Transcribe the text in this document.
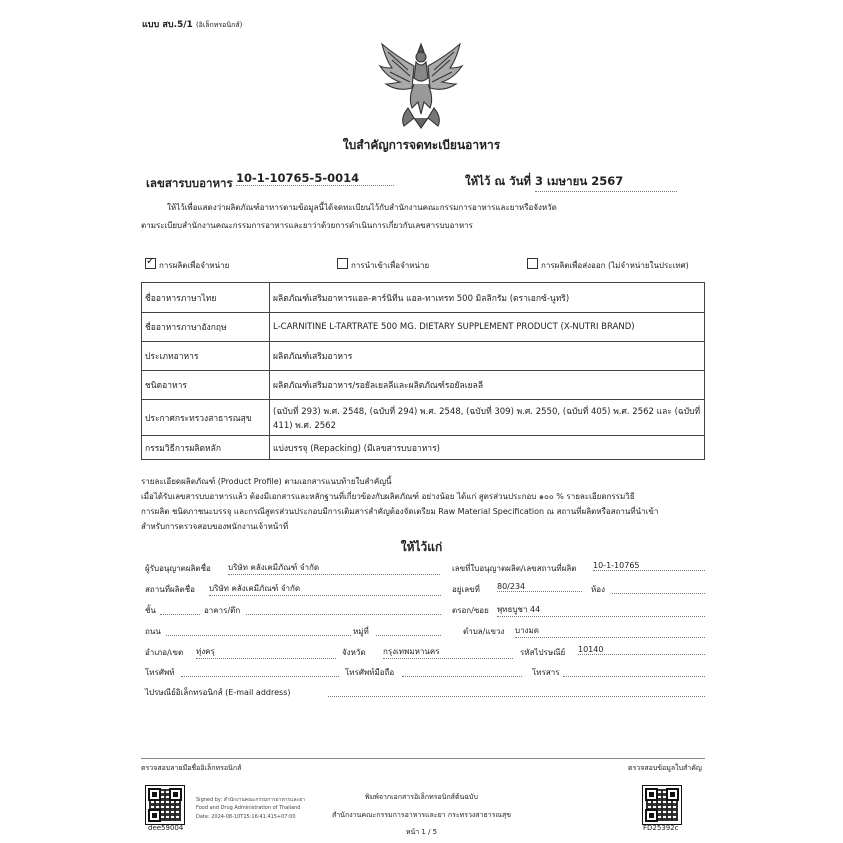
แบบ สบ.5/1 (อิเล็กทรอนิกส์)
ใบสำคัญการจดทะเบียนอาหาร
เลขสารบบอาหาร 10-1-10765-5-0014	ให้ไว้ ณ วันที่ 3 เมษายน 2567
ให้ไว้เพื่อแสดงว่าผลิตภัณฑ์อาหารตามข้อมูลนี้ได้จดทะเบียนไว้กับสำนักงานคณะกรรมการอาหารและยาหรือจังหวัด
ตามระเบียบสำนักงานคณะกรรมการอาหารและยาว่าด้วยการดำเนินการเกี่ยวกับเลขสารบบอาหาร
✓การผลิตเพื่อจำหน่าย	การนำเข้าเพื่อจำหน่าย	การผลิตเพื่อส่งออก (ไม่จำหน่ายในประเทศ)
ชื่ออาหารภาษาไทย	ผลิตภัณฑ์เสริมอาหารแอล-คาร์นิทีน แอล-ทาเทรท 500 มิลลิกรัม (ตราเอกซ์-นูทริ)
ชื่ออาหารภาษาอังกฤษ	L-CARNITINE L-TARTRATE 500 MG. DIETARY SUPPLEMENT PRODUCT (X-NUTRI BRAND)
ประเภทอาหาร	ผลิตภัณฑ์เสริมอาหาร
ชนิดอาหาร	ผลิตภัณฑ์เสริมอาหาร/รอยัลเยลลีและผลิตภัณฑ์รอยัลเยลลี
ประกาศกระทรวงสาธารณสุข	(ฉบับที่ 293) พ.ศ. 2548, (ฉบับที่ 294) พ.ศ. 2548, (ฉบับที่ 309) พ.ศ. 2550, (ฉบับที่ 405) พ.ศ. 2562 และ (ฉบับที่
411) พ.ศ. 2562

กรรมวิธีการผลิตหลัก	แบ่งบรรจุ (Repacking) (มีเลขสารบบอาหาร)
รายละเอียดผลิตภัณฑ์ (Product Profile) ตามเอกสารแนบท้ายใบสำคัญนี้
เมื่อได้รับเลขสารบบอาหารแล้ว ต้องมีเอกสารและหลักฐานที่เกี่ยวข้องกับผลิตภัณฑ์ อย่างน้อย ได้แก่ สูตรส่วนประกอบ ๑๐๐ % รายละเอียดกรรมวิธี
การผลิต ชนิดภาชนะบรรจุ และกรณีสูตรส่วนประกอบมีการเติมสารสำคัญต้องจัดเตรียม Raw Material Specification ณ สถานที่ผลิตหรือสถานที่นำเข้า
สำหรับการตรวจสอบของพนักงานเจ้าหน้าที่
ให้ไว้แก่
ผู้รับอนุญาตผลิตชื่อ บริษัท คลังเคมีภัณฑ์ จำกัด	เลขที่ใบอนุญาตผลิต/เลขสถานที่ผลิต 10-1-10765
สถานที่ผลิตชื่อ บริษัท คลังเคมีภัณฑ์ จำกัด	อยู่เลขที่ 80/234	ห้อง
ชั้น	อาคาร/ตึก	ตรอก/ซอย พุทธบูชา 44
ถนน	หมู่ที่	ตำบล/แขวง บางมด
อำเภอ/เขต ทุ่งครุ	จังหวัด กรุงเทพมหานคร	รหัสไปรษณีย์ 10140
โทรศัพท์	โทรศัพท์มือถือ	โทรสาร
ไปรษณีย์อิเล็กทรอนิกส์ (E-mail address)
ตรวจสอบลายมือชื่ออิเล็กทรอนิกส์	ตรวจสอบข้อมูลใบสำคัญ
dee59004
Signed by: สำนักงานคณะกรรมการอาหารและยา
Food and Drug Administration of Thailand
Date: 2024-08-10T15:16:41.415+07:00
พิมพ์จากเอกสารอิเล็กทรอนิกส์ต้นฉบับ
สำนักงานคณะกรรมการอาหารและยา กระทรวงสาธารณสุข
หน้า 1 / 5	FD25392c
